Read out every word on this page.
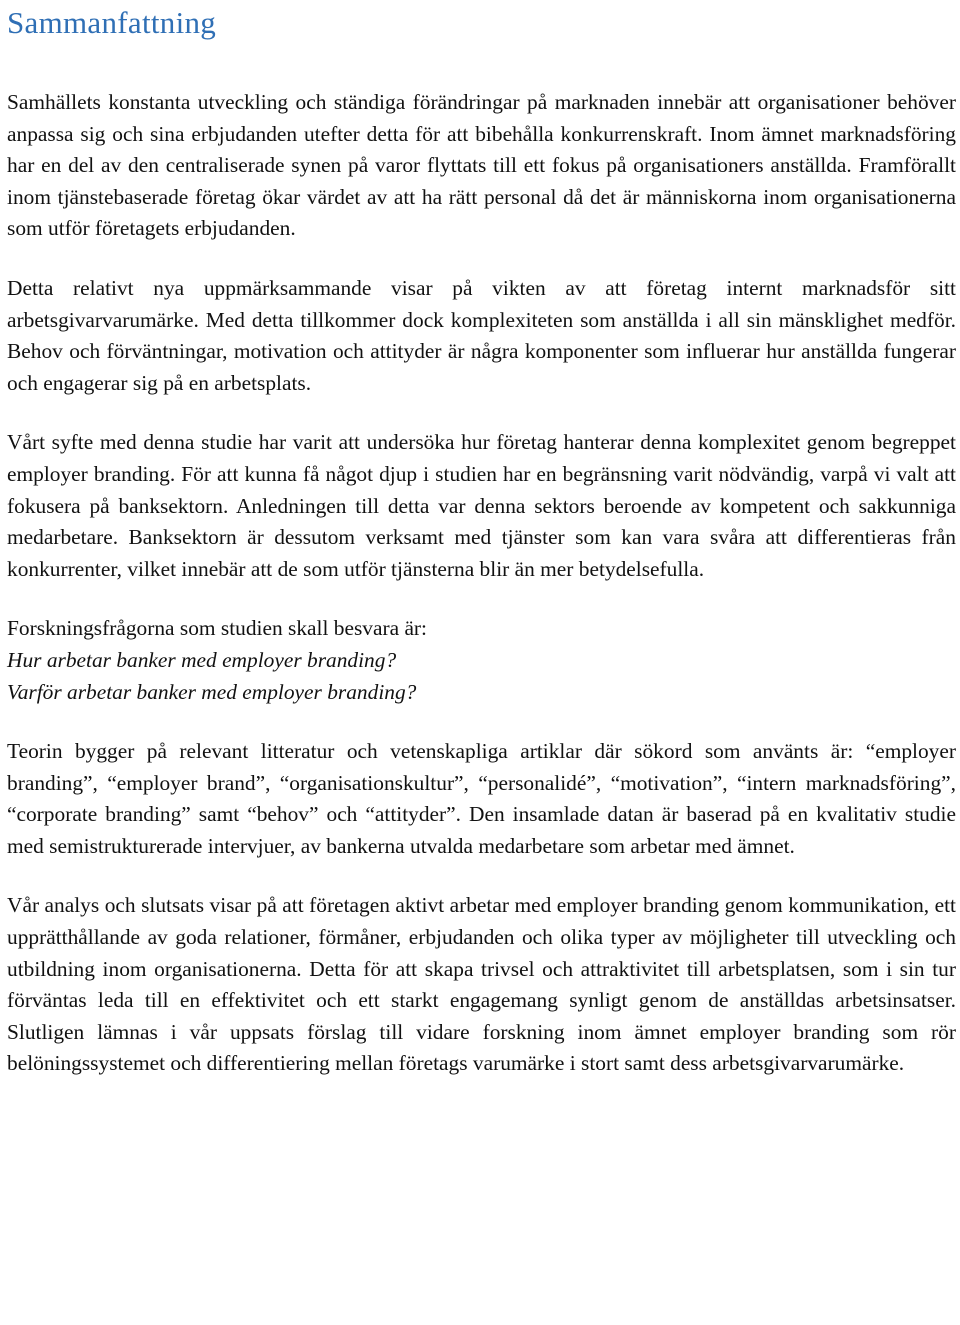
Sammanfattning

Samhällets konstanta utveckling och ständiga förändringar på marknaden innebär att organisationer behöver anpassa sig och sina erbjudanden utefter detta för att bibehålla konkurrenskraft. Inom ämnet marknadsföring har en del av den centraliserade synen på varor flyttats till ett fokus på organisationers anställda. Framförallt inom tjänstebaserade företag ökar värdet av att ha rätt personal då det är människorna inom organisationerna som utför företagets erbjudanden.

Detta relativt nya uppmärksammande visar på vikten av att företag internt marknadsför sitt arbetsgivarvarumärke. Med detta tillkommer dock komplexiteten som anställda i all sin mänsklighet medför. Behov och förväntningar, motivation och attityder är några komponenter som influerar hur anställda fungerar och engagerar sig på en arbetsplats.

Vårt syfte med denna studie har varit att undersöka hur företag hanterar denna komplexitet genom begreppet employer branding. För att kunna få något djup i studien har en begränsning varit nödvändig, varpå vi valt att fokusera på banksektorn. Anledningen till detta var denna sektors beroende av kompetent och sakkunniga medarbetare. Banksektorn är dessutom verksamt med tjänster som kan vara svåra att differentieras från konkurrenter, vilket innebär att de som utför tjänsterna blir än mer betydelsefulla.

Forskningsfrågorna som studien skall besvara är:
Hur arbetar banker med employer branding?
Varför arbetar banker med employer branding?

Teorin bygger på relevant litteratur och vetenskapliga artiklar där sökord som använts är: “employer branding”, “employer brand”, “organisationskultur”, “personalidé”, “motivation”, “intern marknadsföring”, “corporate branding” samt “behov” och “attityder”. Den insamlade datan är baserad på en kvalitativ studie med semistrukturerade intervjuer, av bankerna utvalda medarbetare som arbetar med ämnet.

Vår analys och slutsats visar på att företagen aktivt arbetar med employer branding genom kommunikation, ett upprätthållande av goda relationer, förmåner, erbjudanden och olika typer av möjligheter till utveckling och utbildning inom organisationerna. Detta för att skapa trivsel och attraktivitet till arbetsplatsen, som i sin tur förväntas leda till en effektivitet och ett starkt engagemang synligt genom de anställdas arbetsinsatser. Slutligen lämnas i vår uppsats förslag till vidare forskning inom ämnet employer branding som rör belöningssystemet och differentiering mellan företags varumärke i stort samt dess arbetsgivarvarumärke.
